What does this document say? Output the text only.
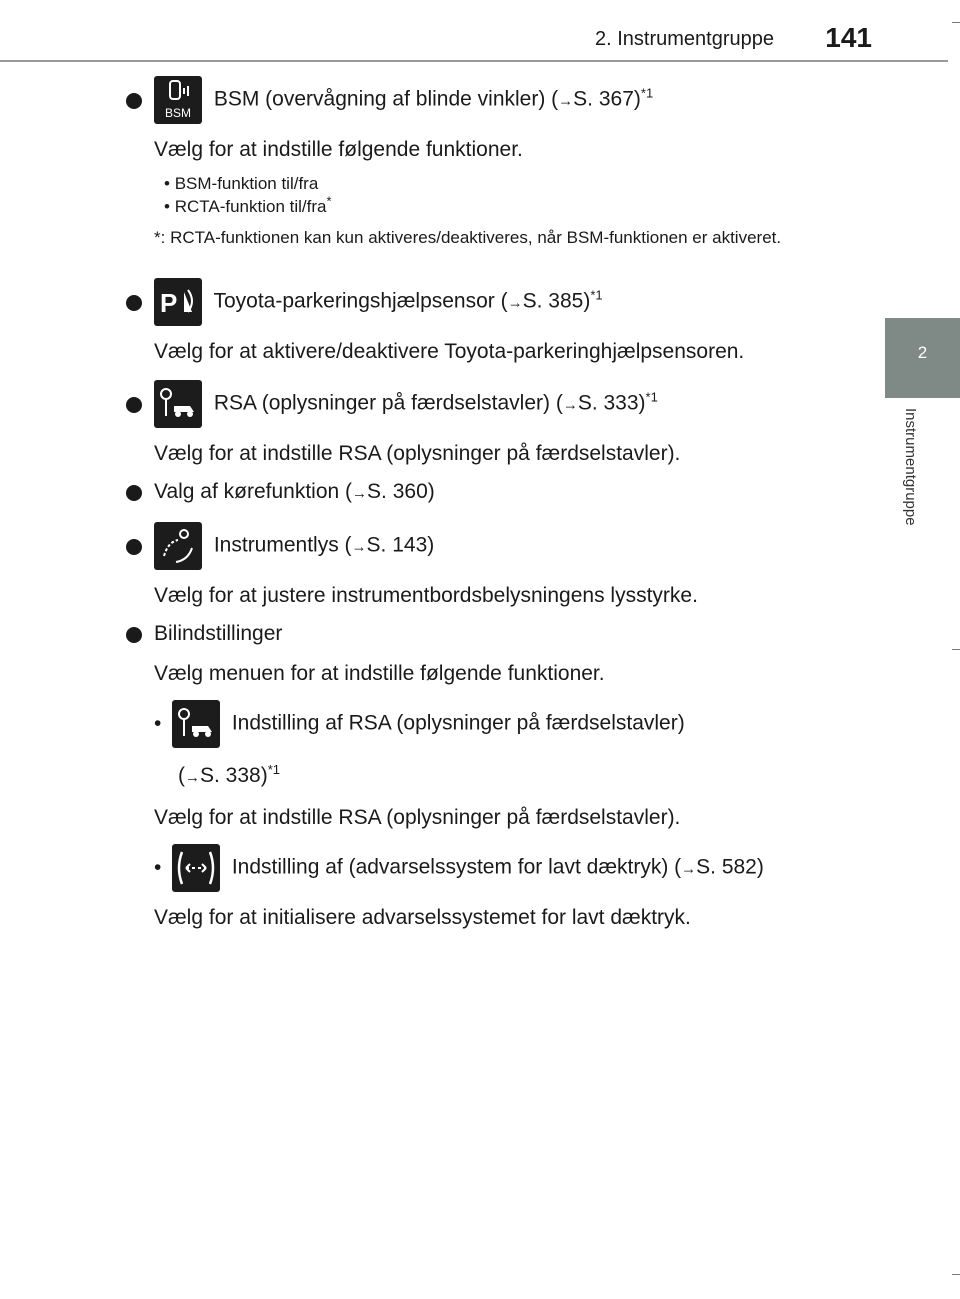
2. Instrumentgruppe 141
2
Instrumentgruppe
BSM
BSM (overvågning af blinde vinkler) (→S. 367)$^{*1}$
Vælg for at indstille følgende funktioner.
• BSM-funktion til/fra
• RCTA-funktion til/fra*
*: RCTA-funktionen kan kun aktiveres/deaktiveres, når BSM-funktionen er aktiveret.
P Toyota-parkeringshjælpsensor (→S. 385)$^{*1}$
Vælg for at aktivere/deaktivere Toyota-parkeringhjælpsensoren.
RSA (oplysninger på færdselstavler) (→S. 333)$^{*1}$
Vælg for at indstille RSA (oplysninger på færdselstavler).
Valg af kørefunktion (→S. 360)
Instrumentlys (→S. 143)
Vælg for at justere instrumentbordsbelysningens lysstyrke.
Bilindstillinger
Vælg menuen for at indstille følgende funktioner.
•	Indstilling af RSA (oplysninger på færdselstavler)
(→S. 338)$^{*1}$
Vælg for at indstille RSA (oplysninger på færdselstavler).
•	Indstilling af (advarselssystem for lavt dæktryk) (→S. 582)
Vælg for at initialisere advarselssystemet for lavt dæktryk.
